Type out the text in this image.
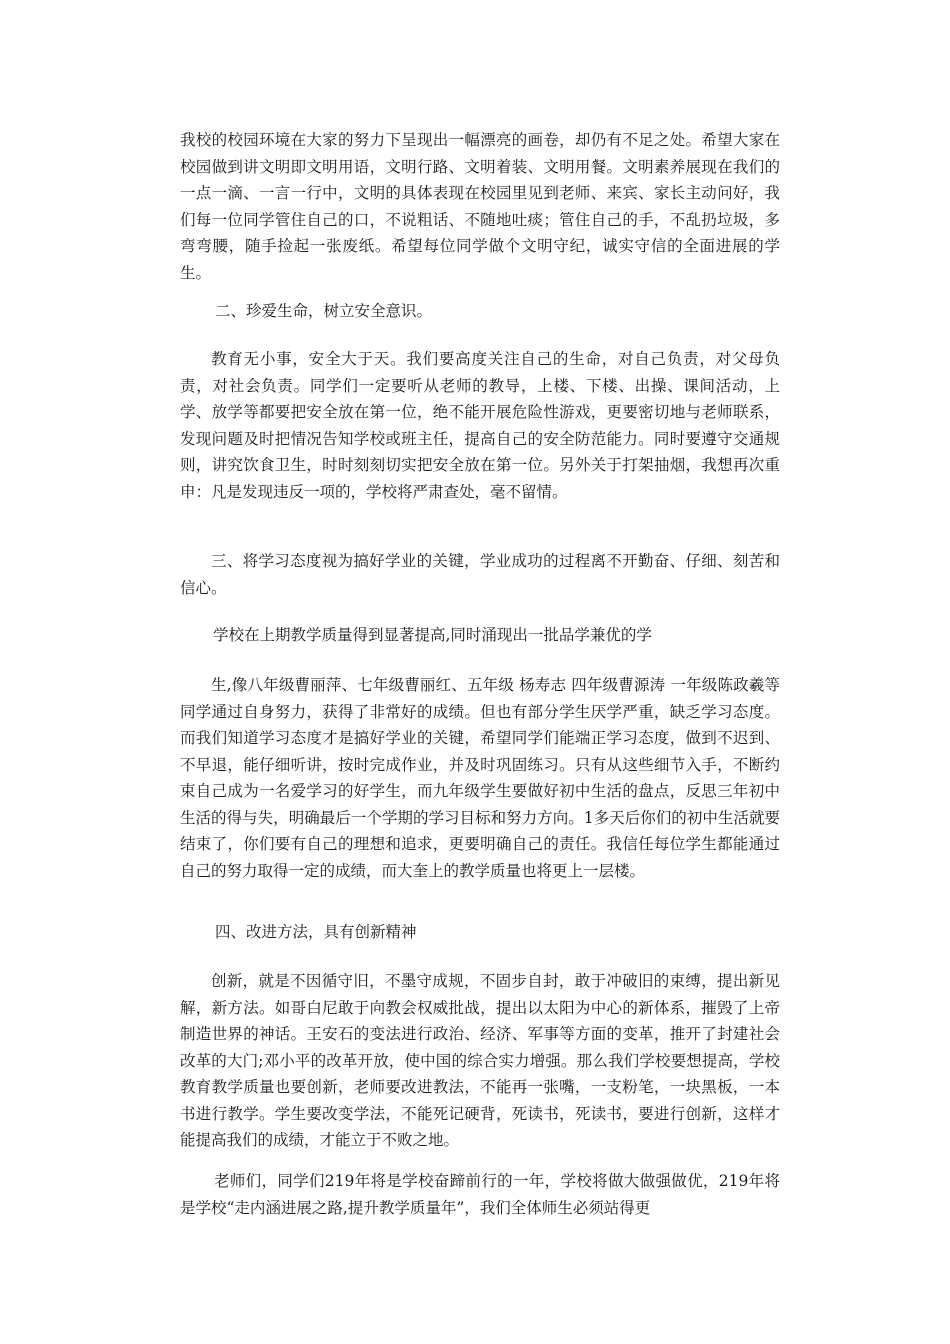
我校的校园环境在大家的努力下呈现出一幅漂亮的画卷，却仍有不足之处。希望大家在校园做到讲文明即文明用语，文明行路、文明着装、文明用餐。文明素养展现在我们的一点一滴、一言一行中，文明的具体表现在校园里见到老师、来宾、家长主动问好，我们每一位同学管住自己的口，不说粗话、不随地吐痰；管住自己的手，不乱扔垃圾，多弯弯腰，随手捡起一张废纸。希望每位同学做个文明守纪，诚实守信的全面进展的学生。

二、珍爱生命，树立安全意识。

教育无小事，安全大于天。我们要高度关注自己的生命，对自己负责，对父母负责，对社会负责。同学们一定要听从老师的教导，上楼、下楼、出操、课间活动，上学、放学等都要把安全放在第一位，绝不能开展危险性游戏，更要密切地与老师联系，发现问题及时把情况告知学校或班主任，提高自己的安全防范能力。同时要遵守交通规则，讲究饮食卫生，时时刻刻切实把安全放在第一位。另外关于打架抽烟，我想再次重申：凡是发现违反一项的，学校将严肃查处，毫不留情。

三、将学习态度视为搞好学业的关键，学业成功的过程离不开勤奋、仔细、刻苦和信心。

学校在上期教学质量得到显著提高,同时涌现出一批品学兼优的学

生,像八年级曹丽萍、七年级曹丽红、五年级 杨寿志 四年级曹源涛 一年级陈政羲等同学通过自身努力，获得了非常好的成绩。但也有部分学生厌学严重，缺乏学习态度。而我们知道学习态度才是搞好学业的关键，希望同学们能端正学习态度，做到不迟到、不早退，能仔细听讲，按时完成作业，并及时巩固练习。只有从这些细节入手，不断约束自己成为一名爱学习的好学生，而九年级学生要做好初中生活的盘点，反思三年初中生活的得与失，明确最后一个学期的学习目标和努力方向。1多天后你们的初中生活就要结束了，你们要有自己的理想和追求，更要明确自己的责任。我信任每位学生都能通过自己的努力取得一定的成绩，而大奎上的教学质量也将更上一层楼。

四、改进方法，具有创新精神

创新，就是不因循守旧，不墨守成规，不固步自封，敢于冲破旧的束缚，提出新见解，新方法。如哥白尼敢于向教会权威批战，提出以太阳为中心的新体系，摧毁了上帝制造世界的神话。王安石的变法进行政治、经济、军事等方面的变革，推开了封建社会改革的大门;邓小平的改革开放，使中国的综合实力增强。那么我们学校要想提高，学校教育教学质量也要创新，老师要改进教法，不能再一张嘴，一支粉笔，一块黑板，一本书进行教学。学生要改变学法，不能死记硬背，死读书，死读书，要进行创新，这样才能提高我们的成绩，才能立于不败之地。

老师们，同学们219年将是学校奋蹄前行的一年，学校将做大做强做优，219年将是学校“走内涵进展之路,提升教学质量年”，我们全体师生必须站得更
